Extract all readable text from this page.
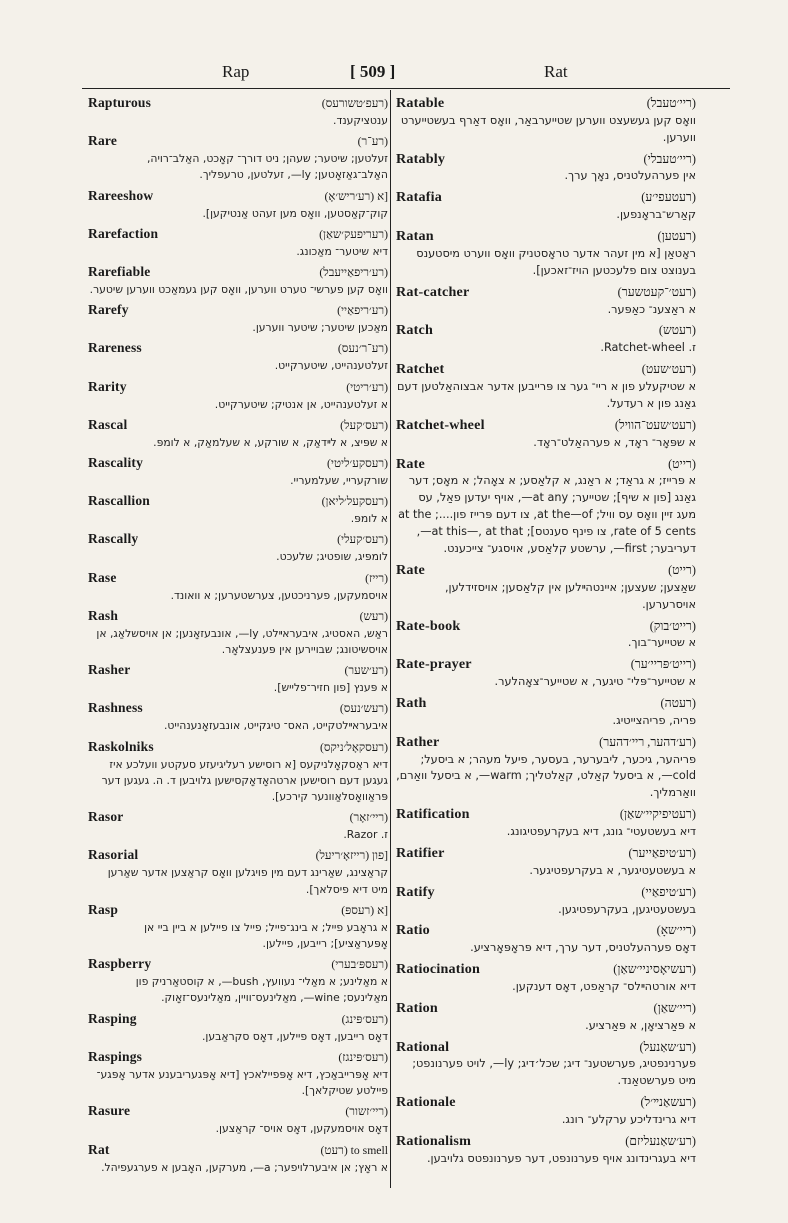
Rap	[ 509 ]	Rat
Rapturous	(רעפ׳טשורעס)
ענטציקענד.
Rare	(רע־ר)
זעלטען; שיטער; שעהן; ניט דורך־ קאָכט, האַלב־רויה, האַלב־גאַזאָטען; ly—, זעלטען, טרעפליך.
Rareeshow	[א (רע׳ריש׳אָ)
קוק־קאַסטען, וואָס מען זעהט אַנטיקען].
Rarefaction	(רעריפעק׳שאַן)
דיא שיטער־ מאַכונג.
Rarefiable	(רע׳ריפאַייעבל)
וואָס קען פערשי־ טערט ווערען, וואָס קען געמאַכט ווערען שיטער.
Rarefy	(רע׳ריפאַיי)
מאַכען שיטער; שיטער ווערען.
Rareness	(רע־ר׳נעס)
זעלטענהייט, שיטערקייט.
Rarity	(רע׳ריטי)
א זעלטענהייט, אן אנטיק; שיטערקייט.
Rascal	(רעס׳קעל)
א שפּיצ, א לײדאַק, א שורקע, א שעלמאַק, א לומפּ.
Rascality	(רעסקע׳ליטי)
שורקעריי, שעלמעריי.
Rascallion	(רעסקעל׳ליאן)
א לומפּ.
Rascally	(רעס׳קעלי)
לומפּיג, שופטיג; שלעכט.
Rase	(רייז)
אויסמעקען, פערניכטען, צערשטערען; א וואונד.
Rash	(רעש)
ראַש, האסטיג, איבעראײלט, ly—, אונבעזאָנען; אן אויסשלאַג, אן אויסשיטונג; שבויירען אין פּענעצלאָר.
Rasher	(רע׳שער)
א פּענץ [פון חזיר־פלייש].
Rashness	(רעש׳נעס)
איבעראײלטקייט, האס־ טיגקייט, אונבעזאָנענהייט.
Raskolniks	(רעסקאָל׳ניקס)
דיא ראַסקאָלניקעס [א רוסישע רעליגיעזע סעקטע וועלכע איז געגען דעם רוסישען ארטהאָדאָקסישען גלויבען ד. ה. געגען דער פּראַוואָסלאַוונער קירכע].
Rasor	(ריי׳זאָר)
ז. Razor.
Rasorial	[פון (רייזאָ׳ריעל)
קראַצינג, שאַרינג דעם מין פויגלען וואָס קראַצען אדער שאַרען מיט דיא פיסלאך].
Rasp	[א (רעספּ)
א גראָבע פייל; א בינג־פייל; פייל צו פיילען א ביין ביי אן אָפּעראַציע]; רייבען, פיילען.
Raspberry	(רעספּ׳בערי)
א מאַלינע; א מאַלי־ נעוועץ, bush—, א קוסטאַרניק פון מאַלינעס; wine—, מאַלינעס־וויין, מאַלינעס־זאָוק.
Rasping	(רעס׳פּינג)
דאָס רייבען, דאָס פיילען, דאָס סקראַבען.
Raspings	(רעס׳פּינגז)
דיא אָפּרייבאַכץ, דיא אָפּפיילאכץ [דיא אָפּגעריבענע אדער אָפּגע־ פיילטע שטיקלאך].
Rasure	(ריי׳זשור)
דאָס אויסמעקען, דאָס אויס־ קראַצען.
Rat	to smell (רעט)
א ראָץ; אן איבערלויפער; a—, מערקען, האָבען א פערגעפיהל.
Ratable	(ריי׳טעבל)
וואָס קען געשעצט ווערען שטייערבאַר, וואָס דאַרף בעשטייערט ווערען.
Ratably	(ריי׳טעבלי)
אין פערהעלטניס, נאָך ערך.
Ratafia	(רעטעפי׳ע)
קאַרש־בראָנפען.
Ratan	(רעטען)
ראָטאַן [א מין זעהר אדער טראָסטניק וואָס ווערט מיסטענס בענוצט צום פלעכטען הויז־זאכען].
Rat-catcher	(רעט׳־קעטשער)
א ראַצענ־ כאַפּער.
Ratch	(רעטש)
ז. Ratchet-wheel.
Ratchet	(רעט׳שעט)
א שטיקעלע פון א ריי־ גער צו פּרייבען אדער אבצוהאַלטען דעם גאַנג פון א רעדעל.
Ratchet-wheel	(רעט׳שעט־הוויל)
א שפּאָר־ ראָד, א פערהאַלט־ראָד.
Rate	(רייט)
א פּרייז; א גראַד; א ראַנג, א קלאַסע; א צאָהל; א מאָס; דער גאַנג [פון א שיף]; שטייער; at any—, אויף יעדען פאַל, עס מעג זיין וואָס עס וויל; at the—of, צו דעם פּרייז פון....; at the rate of 5 cents, צו פינף סענטס]; at this—, at that—, דעריבער; first—, ערשטע קלאַסע, אויסגע־ צייכענט.
Rate	(רייט)
שאַצען; שעצען; איינטהײלען אין קלאַסען; אויסזידלען, אויסרערען.
Rate-book	(רייט׳בוק)
א שטייער־בוך.
Rate-prayer	(רייט׳פּריי׳ער)
א שטייער־פּלי־ טיגער, א שטייער־צאָהלער.
Rath	(רעטה)
פריה, פריהצייטיג.
Rather	(רע׳דהער, ריי׳דהער)
פריהער, גיכער, ליבערער, בעסער, פיעל מעהר; א ביסעל; cold—, א ביסעל קאַלט, קאַלטליך; warm—, א ביסעל וואַרם, וואַרמליך.
Ratification	(רעטיפיקיי׳שאַן)
דיא בעשטעטי־ גונג, דיא בעקרעפטיגונג.
Ratifier	(רע׳טיפאַייער)
א בעשטעטיגער, א בעקרעפטיגער.
Ratify	(רע׳טיפאַיי)
בעשטעטיגען, בעקרעפטיגען.
Ratio	(ריי׳שאָ)
דאָס פערהעלטניס, דער ערך, דיא פּראָפּאָרציע.
Ratiocination	(רעשיאָסיניי׳שאַן)
דיא אורטהײלס־ קראַפט, דאָס דענקען.
Ration	(ריי׳שאַן)
א פּאַרציאָן, א פּאַרציע.
Rational	(רע׳שאַנעל)
פערנינפטיג, פערשטענ־ דיג; שכל׳דיג; ly—, לויט פערנונפט; מיט פערשטאַנד.
Rationale	(רעשאַנײ׳ל)
דיא גרינדליכע ערקלע־ רונג.
Rationalism	(רע׳שאַנעליזם)
דיא בעגרינדונג אויף פערנונפט, דער פערנונפטס גלויבען.
